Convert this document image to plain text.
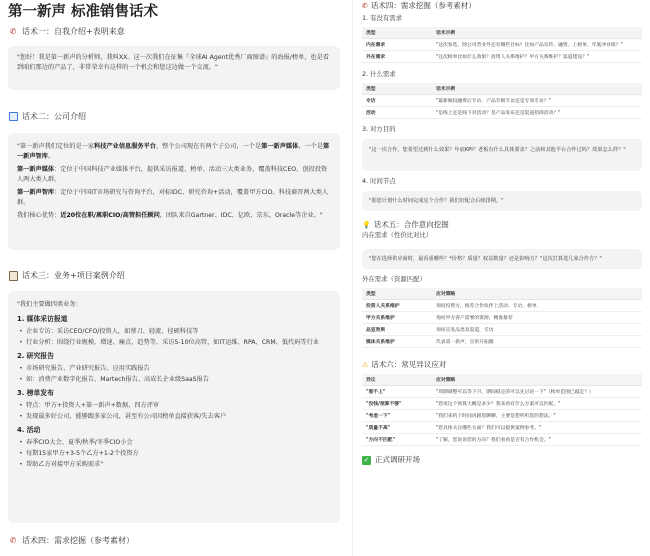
第一新声 标准销售话术
✆ 话术一：自我介绍+表明来意

"您好！我是第一新声的分析师，我叫XX。这一次我们在征集『全球AI Agent优秀厂商图谱』的海报/榜单，也是看到咱们那边的产品了，非常荣幸有这样的一个机会和您这边做一个交流。"

话术二：公司介绍

"第一新声我们定位的是一家科技产业信息服务平台，整个公司现在有两个子公司，一个是第一新声媒体，一个是第一新声智库。

第一新声媒体：定位于中国科技产业媒体平台，提供采访报道、榜单、活动三大类业务，覆盖科技CEO、创投投资人两大类人群。

第一新声智库：定位于中国IT市场研究与咨询平台，对标IDC、研究咨询+活动，覆盖甲方CIO、科技裔晋两大类人群。

我们核心优势：近20位在职/离职CIO/高管担任顾问，团队来自Gartner、IDC、亿欧、京东、Oracle等企业。"

话术三：业务+项目案例介绍

"我们主要做四类业务：

1. 媒体采访报道
• 企业专访：采访CEO/CFO/投资人，如蔡刀、轻流、径硕科技等
• 行业分析：围绕行业规模、增速、痛点、趋势等，采访5-10位高管，如IT运维、RPA、CRM、低代码等行业
2. 研究报告
• 市场研究报告、产业研究报告、应用实践报告
• 如：消费产业数字化报告、Martech报告、高成长企业级SaaS报告
3. 榜单发布
• 特点：甲方+投资人+第一新声+数据，四方评审
• 发现最多好公司，能够跟多家公司，甚至有公司因榜单直接获客/失去客户
4. 活动
• 春季CIO大会、夏季/秋季/冬季CIO小会
• 每期15家甲方+3-5个乙方+1-2个投资方
• 帮助乙方对接甲方采购需求"
✆ 话术四：需求挖掘（参考素材）
✆ 话术四：需求挖掘（参考素材）
1. 有没有需求
类型	话术示例
内在需求	"这次参选，除公司营业外还有哪些目标？比如产品宣传、融资、上榜单、年底冲业绩？"
外在需求	"这次榜单比如什么效果？投资人关系维护？甲方关系维护？渠道建设？"
2. 什么需求
类型	话术示例
专访	"最新做投融资后专访、产品升级专访还是专项专访？"
活动	"是线上还是线下对活动？是产品发布还是渠道招商活动？"
3. 对方目的
"这一次合作，您希望达到什么效果？年底KPI？老板有什么具体要求？之前和其他平台合作过吗？效果怎么样？"
4. 时间节点
"那您计划什么时间完成这个合作？我们好配合后续排期。"
💡 话术五：合作意向挖掘
内在需求（性价比对比）
"您在选择供应商时，最看重哪些？*价格？质量？权益数量？还是影响力？"这次打算选几家合作方？"
外在需求（资源匹配）
类型	应对策略
投资人关系维护	询问投资方，推荐合作伙伴上活动、专访、榜单
甲方关系维护	询问甲方客户需要的资源，精准推荐
品宣效果	询问宣发品类及渠道，专访
媒体关系维护	代表第一新声，宣讲开拓圈
⚠ 话术六：常见异议应对
异议	应对策略
"看不上"	"周期调整可以等下月，期间稳定的可以先讨论一下"（榜单范围已敲定？）
"没钱/预算不够"	"您说这个预算大概是多少？我来看有什么方案可以匹配。"
"考虑一下"	"我们来约个时间再跟您聊聊，主要是想听听您的想法。"
"质量不高"	"您具体关注哪些方面？我们可以提供案例参考。"
"方向不匹配"	"了解，您说说您的方向？我们看看是否有合作机会。"
✓ 正式调研开场
